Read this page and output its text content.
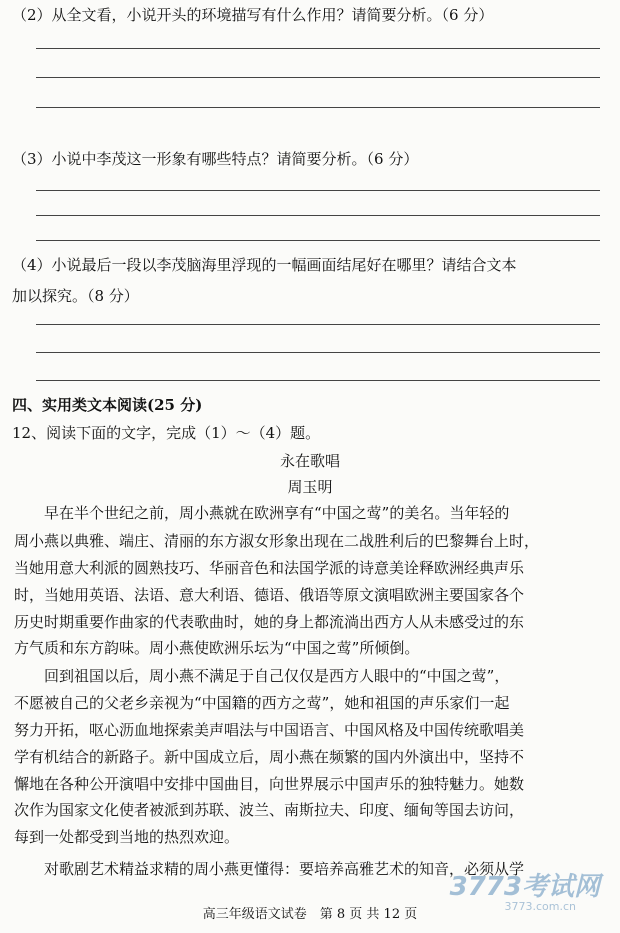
（2）从全文看，小说开头的环境描写有什么作用？请简要分析。（6 分）
（3）小说中李茂这一形象有哪些特点？请简要分析。（6 分）
（4）小说最后一段以李茂脑海里浮现的一幅画面结尾好在哪里？请结合文本
加以探究。（8 分）
四、实用类文本阅读(25 分)
12、阅读下面的文字，完成（1）～（4）题。
永在歌唱
周玉明
　　早在半个世纪之前，周小燕就在欧洲享有“中国之莺”的美名。当年轻的
周小燕以典雅、端庄、清丽的东方淑女形象出现在二战胜利后的巴黎舞台上时，
当她用意大利派的圆熟技巧、华丽音色和法国学派的诗意美诠释欧洲经典声乐
时，当她用英语、法语、意大利语、德语、俄语等原文演唱欧洲主要国家各个
历史时期重要作曲家的代表歌曲时，她的身上都流淌出西方人从未感受过的东
方气质和东方韵味。周小燕使欧洲乐坛为“中国之莺”所倾倒。
　　回到祖国以后，周小燕不满足于自己仅仅是西方人眼中的“中国之莺”，
不愿被自己的父老乡亲视为“中国籍的西方之莺”，她和祖国的声乐家们一起
努力开拓，呕心沥血地探索美声唱法与中国语言、中国风格及中国传统歌唱美
学有机结合的新路子。新中国成立后，周小燕在频繁的国内外演出中，坚持不
懈地在各种公开演唱中安排中国曲目，向世界展示中国声乐的独特魅力。她数
次作为国家文化使者被派到苏联、波兰、南斯拉夫、印度、缅甸等国去访问，
每到一处都受到当地的热烈欢迎。
　　对歌剧艺术精益求精的周小燕更懂得：要培养高雅艺术的知音，必须从学
3773考试网
3773.com.cn
高三年级语文试卷　第 8 页 共 12 页
